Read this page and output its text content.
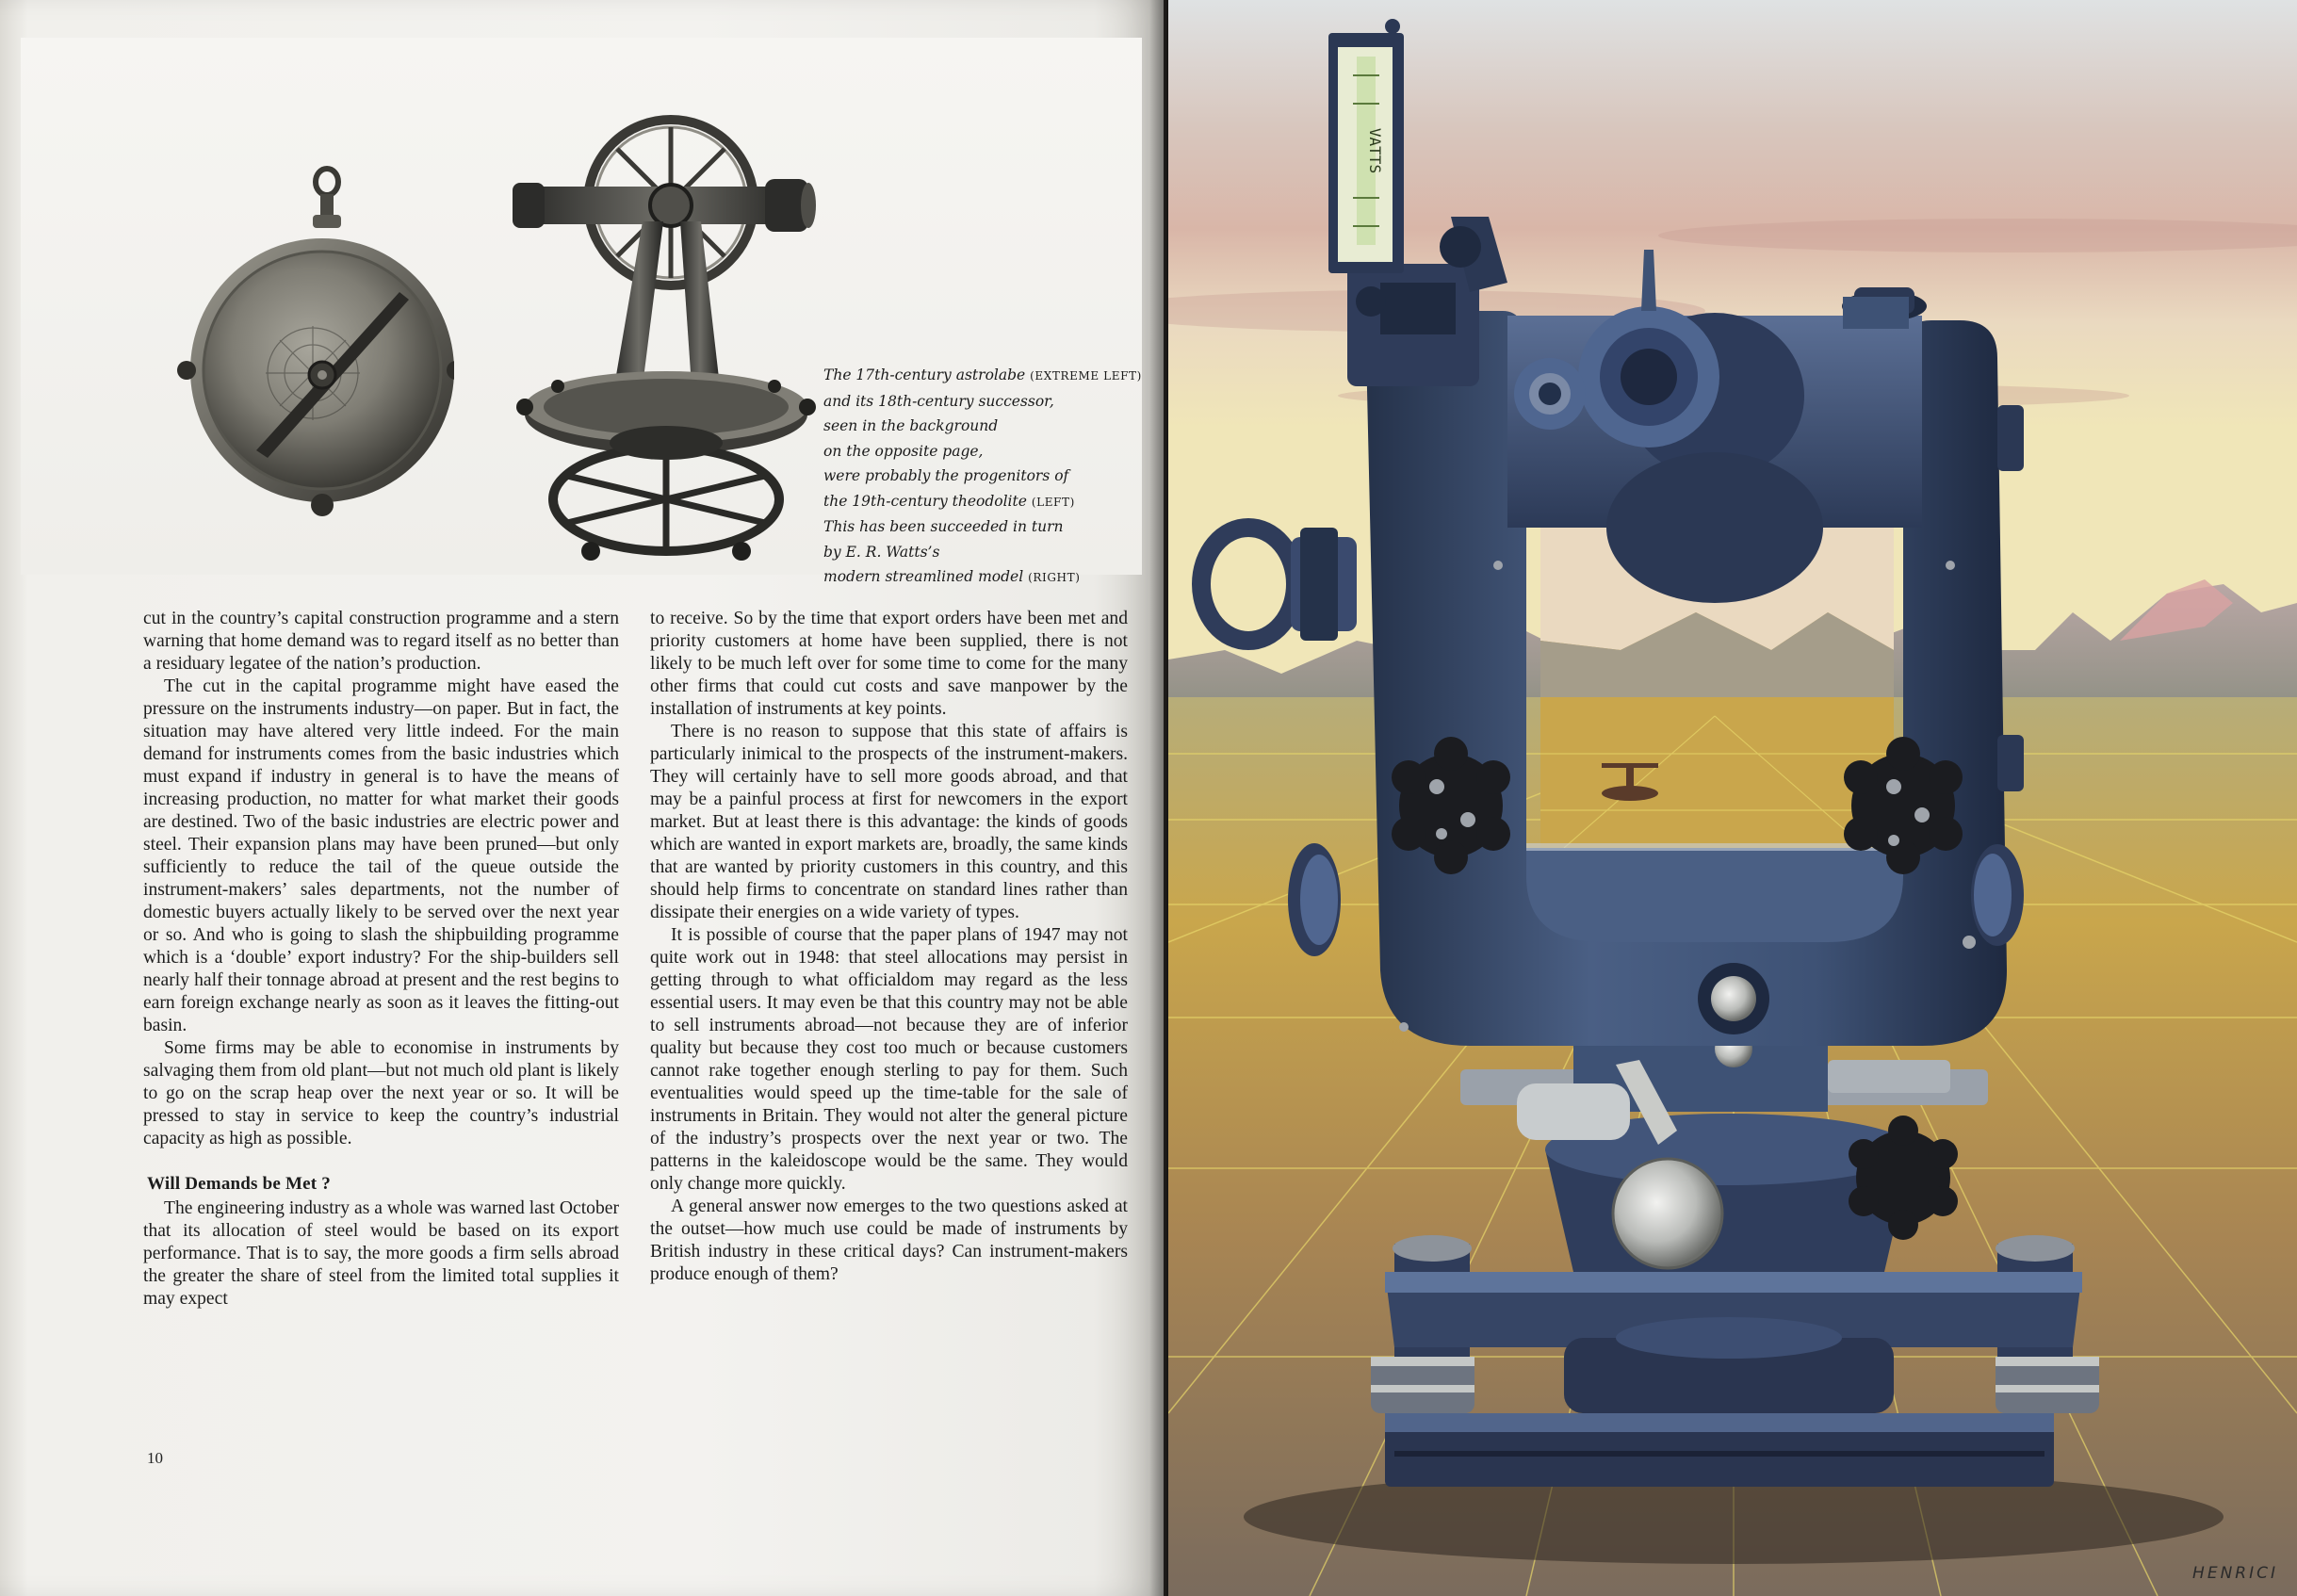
The 17th-century astrolabe (EXTREME LEFT)
and its 18th-century successor,
seen in the background
on the opposite page,
were probably the progenitors of
the 19th-century theodolite (LEFT)
This has been succeeded in turn
by E. R. Watts’s
modern streamlined model (RIGHT)

cut in the country’s capital construction programme and a stern warning that home demand was to regard itself as no better than a residuary legatee of the nation’s production.

The cut in the capital programme might have eased the pressure on the instruments industry—on paper. But in fact, the situation may have altered very little indeed. For the main demand for instruments comes from the basic industries which must expand if industry in general is to have the means of increasing production, no matter for what market their goods are destined. Two of the basic industries are electric power and steel. Their expansion plans may have been pruned—but only sufficiently to reduce the tail of the queue outside the instrument-makers’ sales departments, not the number of domestic buyers actually likely to be served over the next year or so. And who is going to slash the shipbuilding programme which is a ‘double’ export industry? For the ship-builders sell nearly half their tonnage abroad at present and the rest begins to earn foreign exchange nearly as soon as it leaves the fitting-out basin.

Some firms may be able to economise in instruments by salvaging them from old plant—but not much old plant is likely to go on the scrap heap over the next year or so. It will be pressed to stay in service to keep the country’s industrial capacity as high as possible.

Will Demands be Met ?

The engineering industry as a whole was warned last October that its allocation of steel would be based on its export performance. That is to say, the more goods a firm sells abroad the greater the share of steel from the limited total supplies it may expect

to receive. So by the time that export orders have been met and priority customers at home have been supplied, there is not likely to be much left over for some time to come for the many other firms that could cut costs and save manpower by the installation of instruments at key points.

There is no reason to suppose that this state of affairs is particularly inimical to the prospects of the instrument-makers. They will certainly have to sell more goods abroad, and that may be a painful process at first for newcomers in the export market. But at least there is this advantage: the kinds of goods which are wanted in export markets are, broadly, the same kinds that are wanted by priority customers in this country, and this should help firms to concentrate on standard lines rather than dissipate their energies on a wide variety of types.

It is possible of course that the paper plans of 1947 may not quite work out in 1948: that steel allocations may persist in getting through to what officialdom may regard as the less essential users. It may even be that this country may not be able to sell instruments abroad—not because they are of inferior quality but because they cost too much or because customers cannot rake together enough sterling to pay for them. Such eventualities would speed up the time-table for the sale of instruments in Britain. They would not alter the general picture of the industry’s prospects over the next year or two. The patterns in the kaleidoscope would be the same. They would only change more quickly.

A general answer now emerges to the two questions asked at the outset—how much use could be made of instruments by British industry in these critical days? Can instrument-makers produce enough of them?

10
VATTS
HENRICI
